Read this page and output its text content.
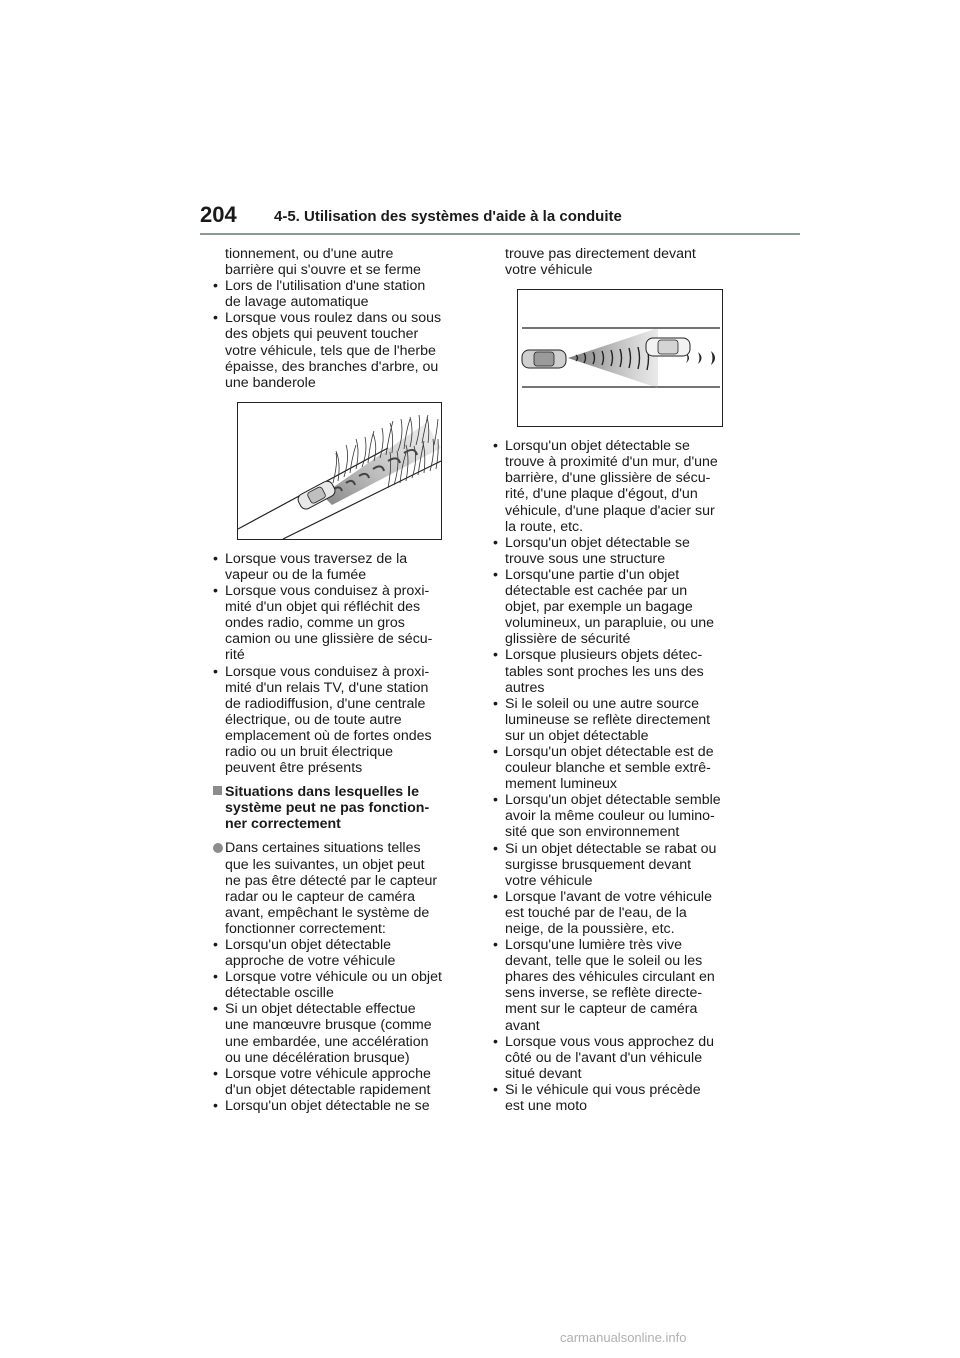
204 4-5. Utilisation des systèmes d'aide à la conduite
tionnement, ou d'une autre
barrière qui s'ouvre et se ferme
• Lors de l'utilisation d'une station
de lavage automatique
• Lorsque vous roulez dans ou sous
des objets qui peuvent toucher
votre véhicule, tels que de l'herbe
épaisse, des branches d'arbre, ou
une banderole
• Lorsque vous traversez de la
vapeur ou de la fumée
• Lorsque vous conduisez à proxi-
mité d'un objet qui réfléchit des
ondes radio, comme un gros
camion ou une glissière de sécu-
rité
• Lorsque vous conduisez à proxi-
mité d'un relais TV, d'une station
de radiodiffusion, d'une centrale
électrique, ou de toute autre
emplacement où de fortes ondes
radio ou un bruit électrique
peuvent être présents
Situations dans lesquelles le
système peut ne pas fonction-
ner correctement
Dans certaines situations telles
que les suivantes, un objet peut
ne pas être détecté par le capteur
radar ou le capteur de caméra
avant, empêchant le système de
fonctionner correctement:
• Lorsqu'un objet détectable
approche de votre véhicule
• Lorsque votre véhicule ou un objet
détectable oscille
• Si un objet détectable effectue
une manœuvre brusque (comme
une embardée, une accélération
ou une décélération brusque)
• Lorsque votre véhicule approche
d'un objet détectable rapidement
• Lorsqu'un objet détectable ne se
trouve pas directement devant
votre véhicule
• Lorsqu'un objet détectable se
trouve à proximité d'un mur, d'une
barrière, d'une glissière de sécu-
rité, d'une plaque d'égout, d'un
véhicule, d'une plaque d'acier sur
la route, etc.
• Lorsqu'un objet détectable se
trouve sous une structure
• Lorsqu'une partie d'un objet
détectable est cachée par un
objet, par exemple un bagage
volumineux, un parapluie, ou une
glissière de sécurité
• Lorsque plusieurs objets détec-
tables sont proches les uns des
autres
• Si le soleil ou une autre source
lumineuse se reflète directement
sur un objet détectable
• Lorsqu'un objet détectable est de
couleur blanche et semble extrê-
mement lumineux
• Lorsqu'un objet détectable semble
avoir la même couleur ou lumino-
sité que son environnement
• Si un objet détectable se rabat ou
surgisse brusquement devant
votre véhicule
• Lorsque l'avant de votre véhicule
est touché par de l'eau, de la
neige, de la poussière, etc.
• Lorsqu'une lumière très vive
devant, telle que le soleil ou les
phares des véhicules circulant en
sens inverse, se reflète directe-
ment sur le capteur de caméra
avant
• Lorsque vous vous approchez du
côté ou de l'avant d'un véhicule
situé devant
• Si le véhicule qui vous précède
est une moto
carmanualsonline.info
